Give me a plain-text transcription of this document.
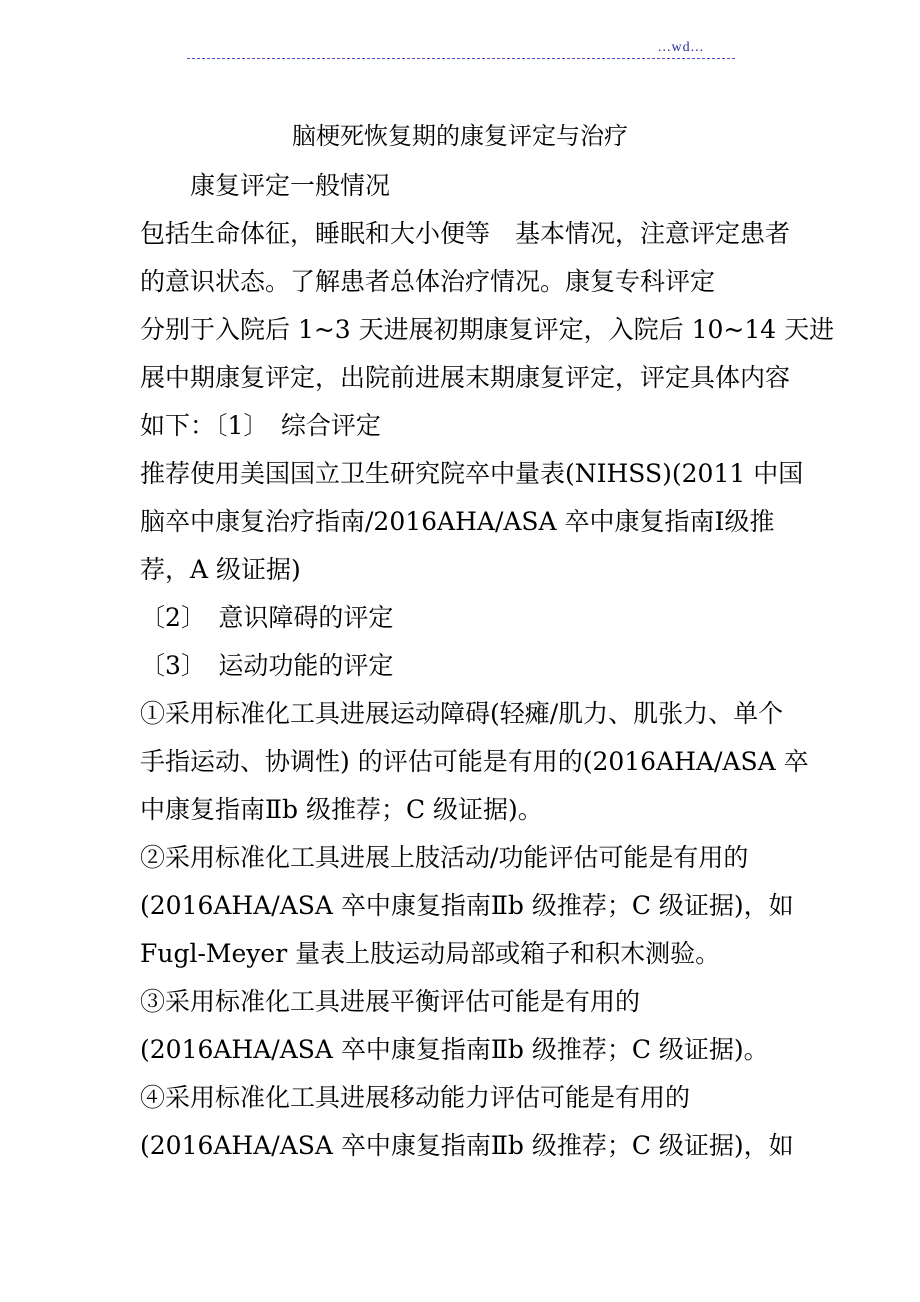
...wd...
脑梗死恢复期的康复评定与治疗
康复评定一般情况
包括生命体征，睡眠和大小便等　基本情况，注意评定患者
的意识状态。了解患者总体治疗情况。康复专科评定
分别于入院后 1~3 天进展初期康复评定，入院后 10~14 天进
展中期康复评定，出院前进展末期康复评定，评定具体内容
如下：〔1〕　综合评定
推荐使用美国国立卫生研究院卒中量表(NIHSS)(2011 中国
脑卒中康复治疗指南/2016AHA/ASA 卒中康复指南Ⅰ级推
荐，A 级证据)
〔2〕　意识障碍的评定
〔3〕　运动功能的评定
①采用标准化工具进展运动障碍(轻瘫/肌力、肌张力、单个
手指运动、协调性) 的评估可能是有用的(2016AHA/ASA 卒
中康复指南Ⅱb 级推荐；C 级证据)。
②采用标准化工具进展上肢活动/功能评估可能是有用的
(2016AHA/ASA 卒中康复指南Ⅱb 级推荐；C 级证据)，如
Fugl-Meyer 量表上肢运动局部或箱子和积木测验。
③采用标准化工具进展平衡评估可能是有用的
(2016AHA/ASA 卒中康复指南Ⅱb 级推荐；C 级证据)。
④采用标准化工具进展移动能力评估可能是有用的
(2016AHA/ASA 卒中康复指南Ⅱb 级推荐；C 级证据)，如
